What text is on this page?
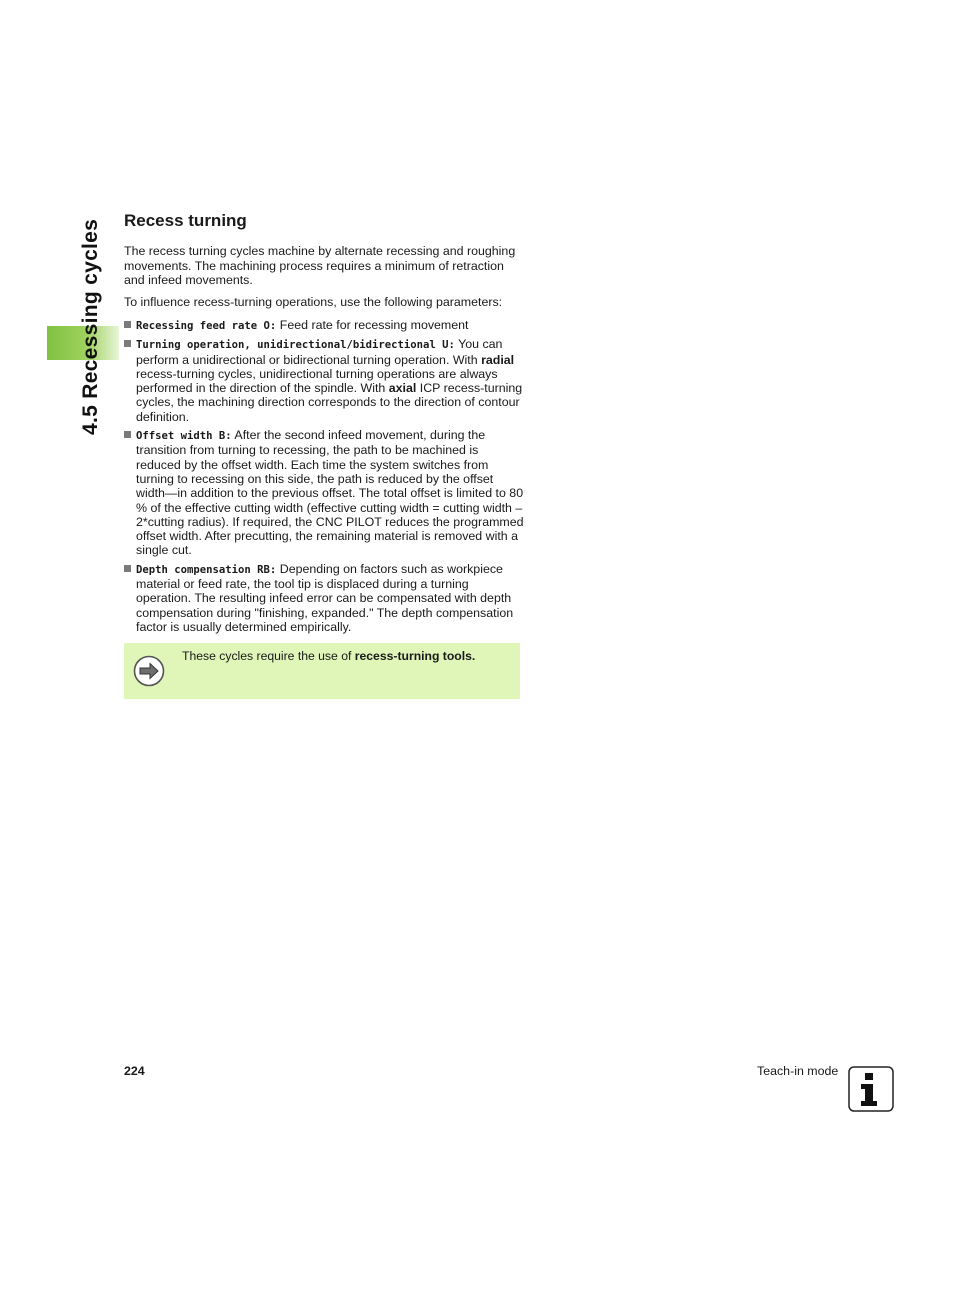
4.5 Recessing cycles Recess turning

The recess turning cycles machine by alternate recessing and roughing movements. The machining process requires a minimum of retraction and infeed movements.

To influence recess-turning operations, use the following parameters:

Recessing feed rate O: Feed rate for recessing movement
Turning operation, unidirectional/bidirectional U: You can perform a unidirectional or bidirectional turning operation. With radial recess-turning cycles, unidirectional turning operations are always performed in the direction of the spindle. With axial ICP recess-turning cycles, the machining direction corresponds to the direction of contour definition.
Offset width B: After the second infeed movement, during the transition from turning to recessing, the path to be machined is reduced by the offset width. Each time the system switches from turning to recessing on this side, the path is reduced by the offset width—in addition to the previous offset. The total offset is limited to 80 % of the effective cutting width (effective cutting width = cutting width –2*cutting radius). If required, the CNC PILOT reduces the programmed offset width. After precutting, the remaining material is removed with a single cut.
Depth compensation RB: Depending on factors such as workpiece material or feed rate, the tool tip is displaced during a turning operation. The resulting infeed error can be compensated with depth compensation during "finishing, expanded." The depth compensation factor is usually determined empirically.
These cycles require the use of recess-turning tools.
224	Teach-in mode
